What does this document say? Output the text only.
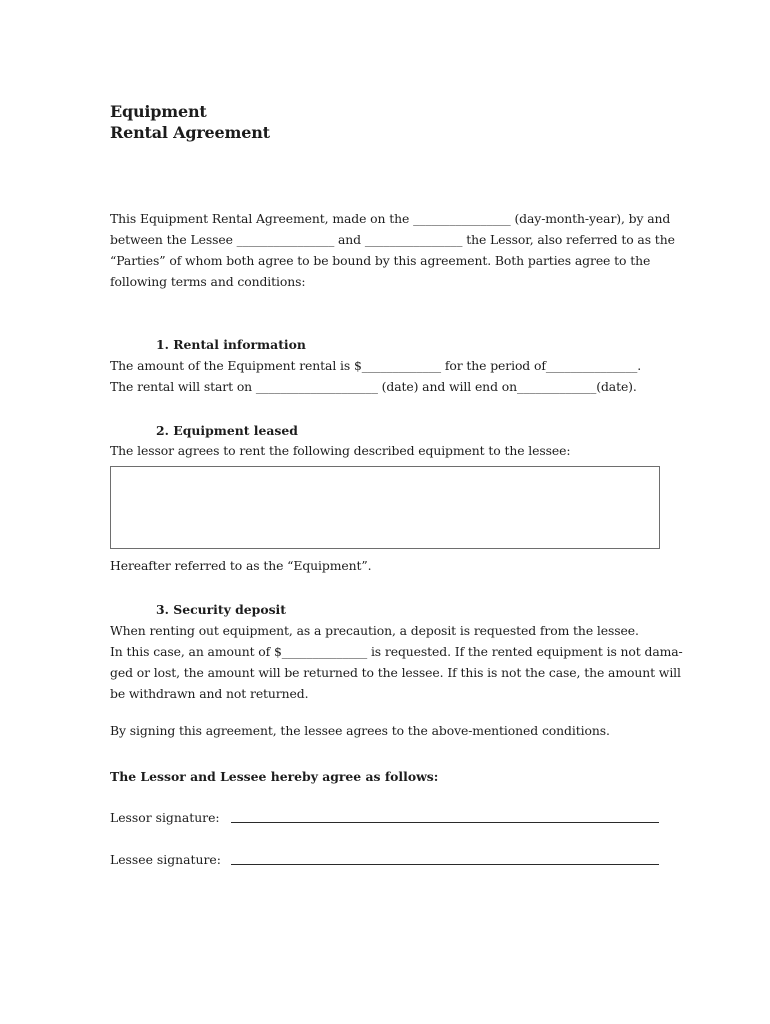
Equipment
Rental Agreement

This Equipment Rental Agreement, made on the ________________ (day-month-year), by and
between the Lessee ________________ and ________________ the Lessor, also referred to as the
“Parties” of whom both agree to be bound by this agreement. Both parties agree to the
following terms and conditions:

1. Rental information

The amount of the Equipment rental is $_____________ for the period of_______________.
The rental will start on ____________________ (date) and will end on_____________(date).

2. Equipment leased

The lessor agrees to rent the following described equipment to the lessee:

Hereafter referred to as the “Equipment”.

3. Security deposit

When renting out equipment, as a precaution, a deposit is requested from the lessee.
In this case, an amount of $______________ is requested. If the rented equipment is not dama-
ged or lost, the amount will be returned to the lessee. If this is not the case, the amount will
be withdrawn and not returned.

By signing this agreement, the lessee agrees to the above-mentioned conditions.

The Lessor and Lessee hereby agree as follows:
Lessor signature:
Lessee signature:
